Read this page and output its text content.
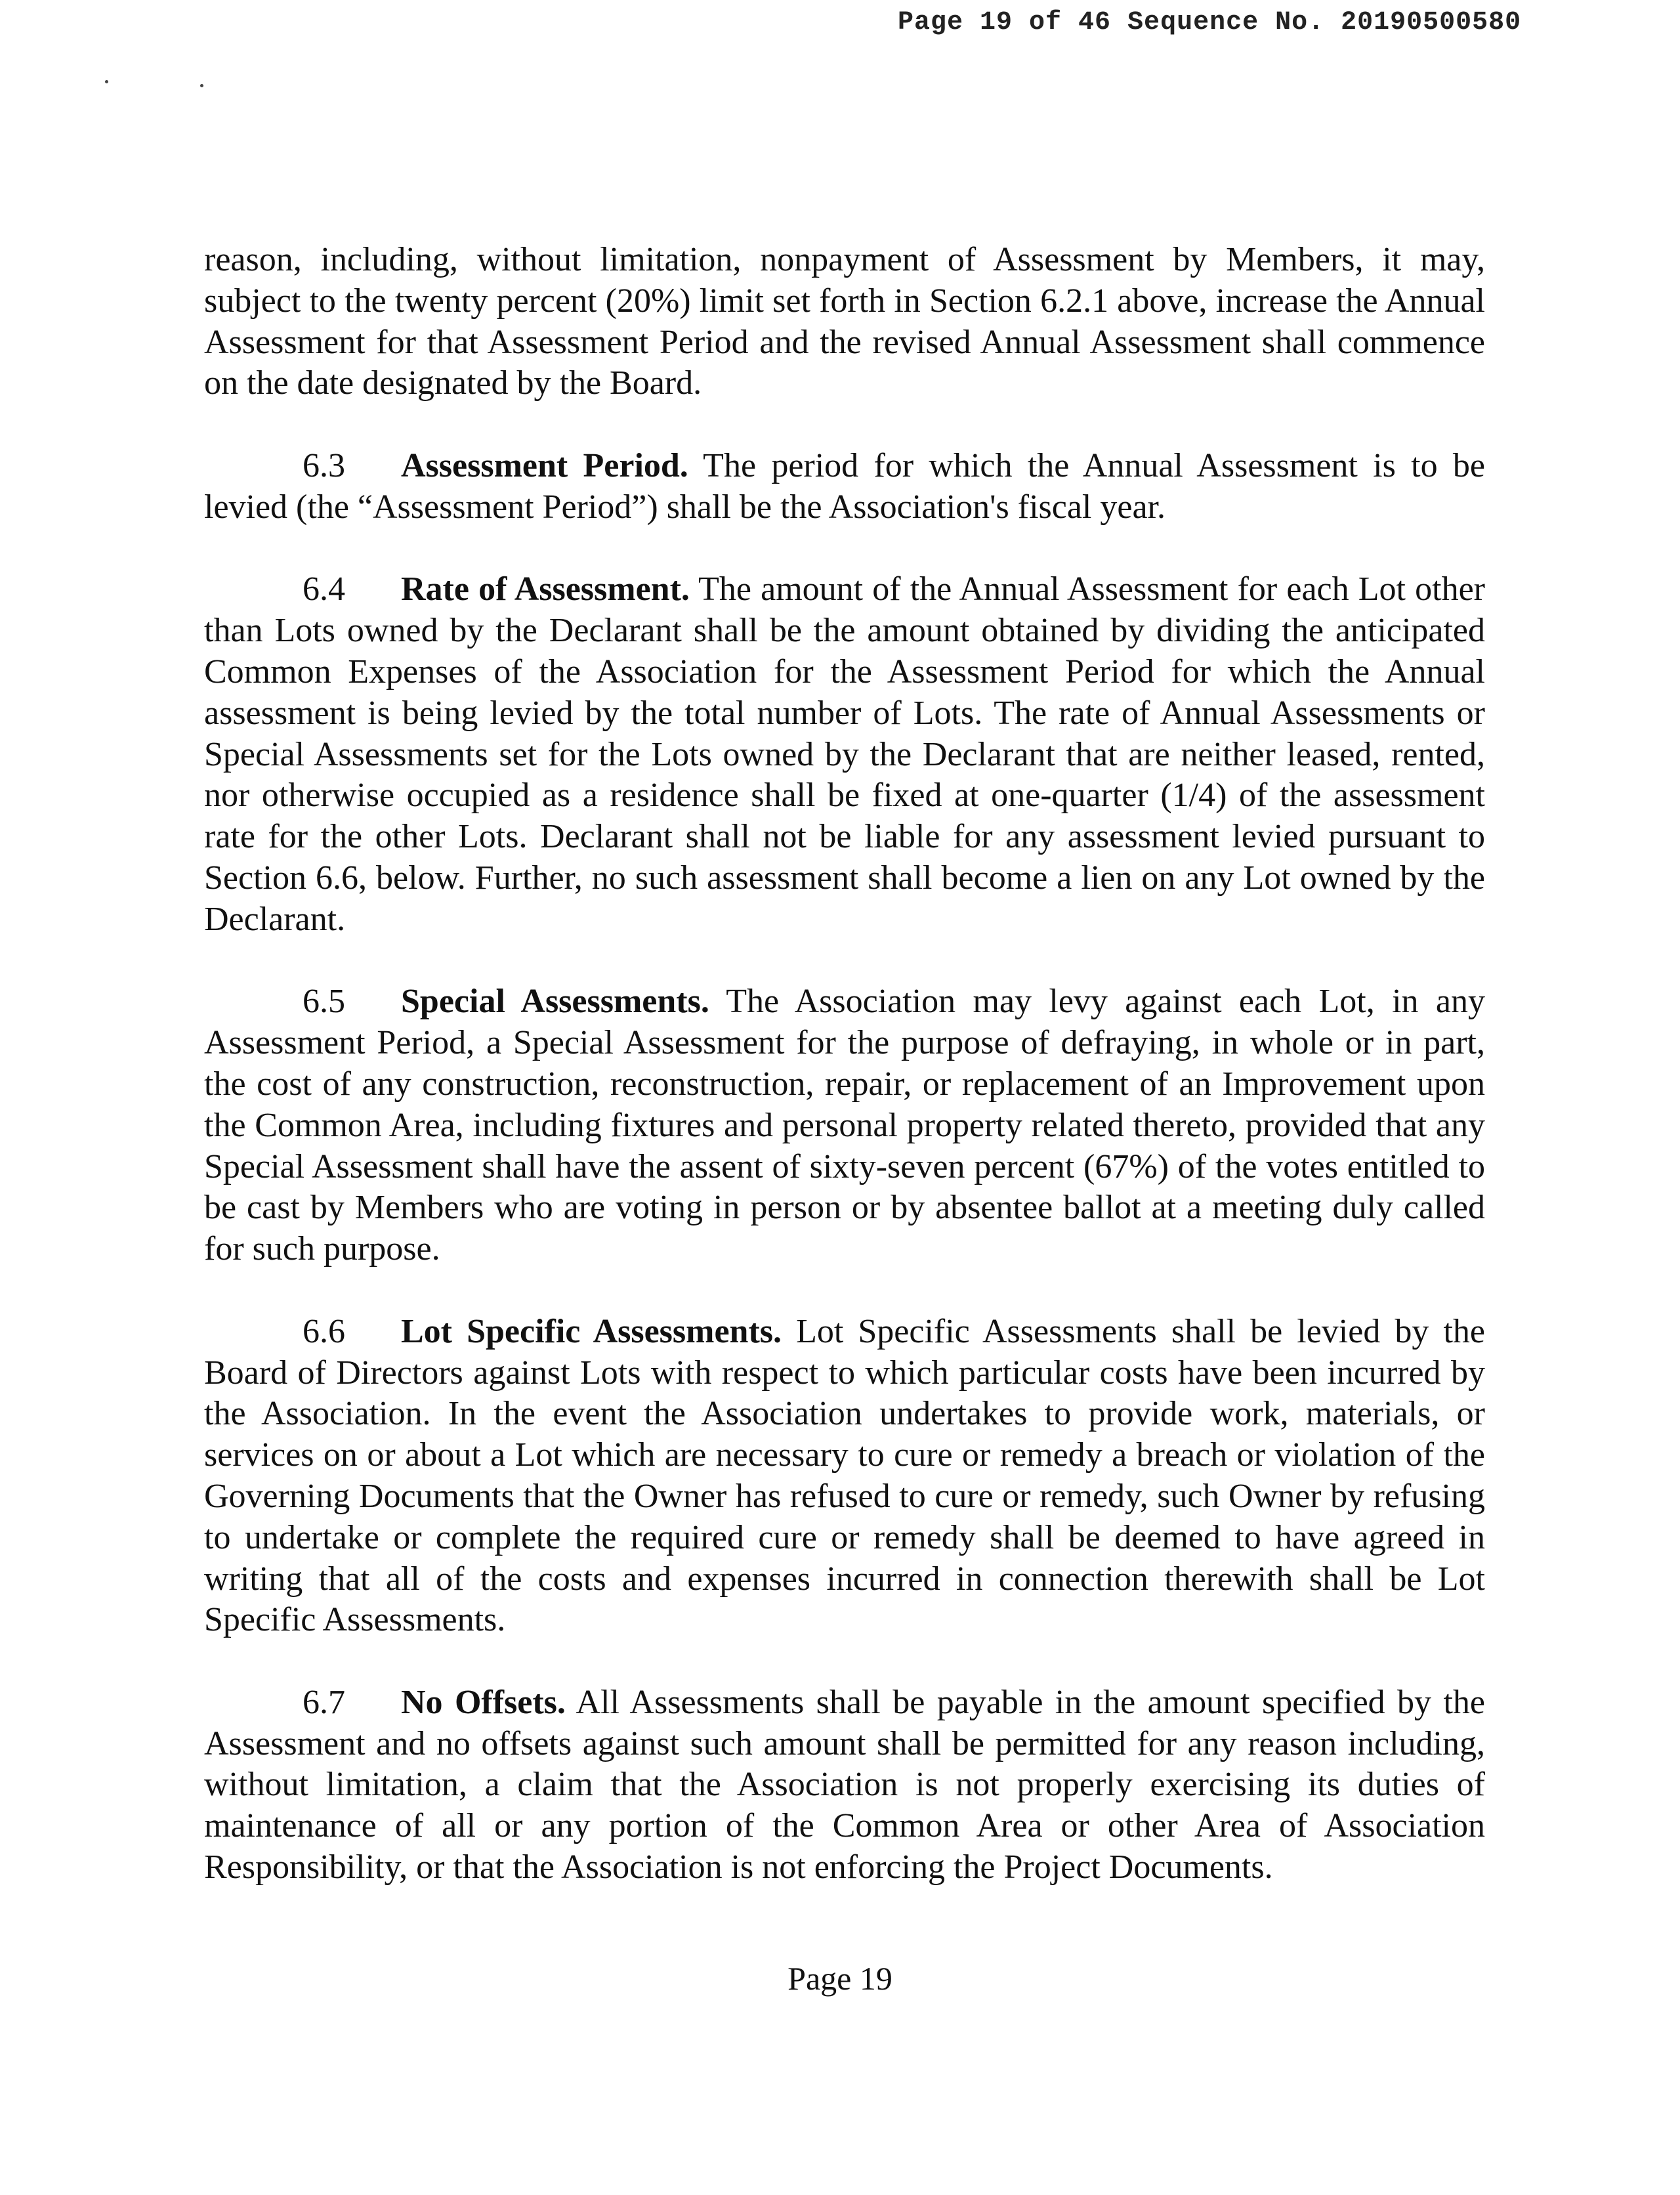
Page 19 of 46 Sequence No. 20190500580

reason, including, without limitation, nonpayment of Assessment by Members, it may, subject to the twenty percent (20%) limit set forth in Section 6.2.1 above, increase the Annual Assessment for that Assessment Period and the revised Annual Assessment shall commence on the date designated by the Board.

6.3 Assessment Period. The period for which the Annual Assessment is to be levied (the “Assessment Period”) shall be the Association's fiscal year.

6.4 Rate of Assessment. The amount of the Annual Assessment for each Lot other than Lots owned by the Declarant shall be the amount obtained by dividing the anticipated Common Expenses of the Association for the Assessment Period for which the Annual assessment is being levied by the total number of Lots. The rate of Annual Assessments or Special Assessments set for the Lots owned by the Declarant that are neither leased, rented, nor otherwise occupied as a residence shall be fixed at one-quarter (1/4) of the assessment rate for the other Lots. Declarant shall not be liable for any assessment levied pursuant to Section 6.6, below. Further, no such assessment shall become a lien on any Lot owned by the Declarant.

6.5 Special Assessments. The Association may levy against each Lot, in any Assessment Period, a Special Assessment for the purpose of defraying, in whole or in part, the cost of any construction, reconstruction, repair, or replacement of an Improvement upon the Common Area, including fixtures and personal property related thereto, provided that any Special Assessment shall have the assent of sixty-seven percent (67%) of the votes entitled to be cast by Members who are voting in person or by absentee ballot at a meeting duly called for such purpose.

6.6 Lot Specific Assessments. Lot Specific Assessments shall be levied by the Board of Directors against Lots with respect to which particular costs have been incurred by the Association. In the event the Association undertakes to provide work, materials, or services on or about a Lot which are necessary to cure or remedy a breach or violation of the Governing Documents that the Owner has refused to cure or remedy, such Owner by refusing to undertake or complete the required cure or remedy shall be deemed to have agreed in writing that all of the costs and expenses incurred in connection therewith shall be Lot Specific Assessments.

6.7 No Offsets. All Assessments shall be payable in the amount specified by the Assessment and no offsets against such amount shall be permitted for any reason including, without limitation, a claim that the Association is not properly exercising its duties of maintenance of all or any portion of the Common Area or other Area of Association Responsibility, or that the Association is not enforcing the Project Documents.

Page 19
